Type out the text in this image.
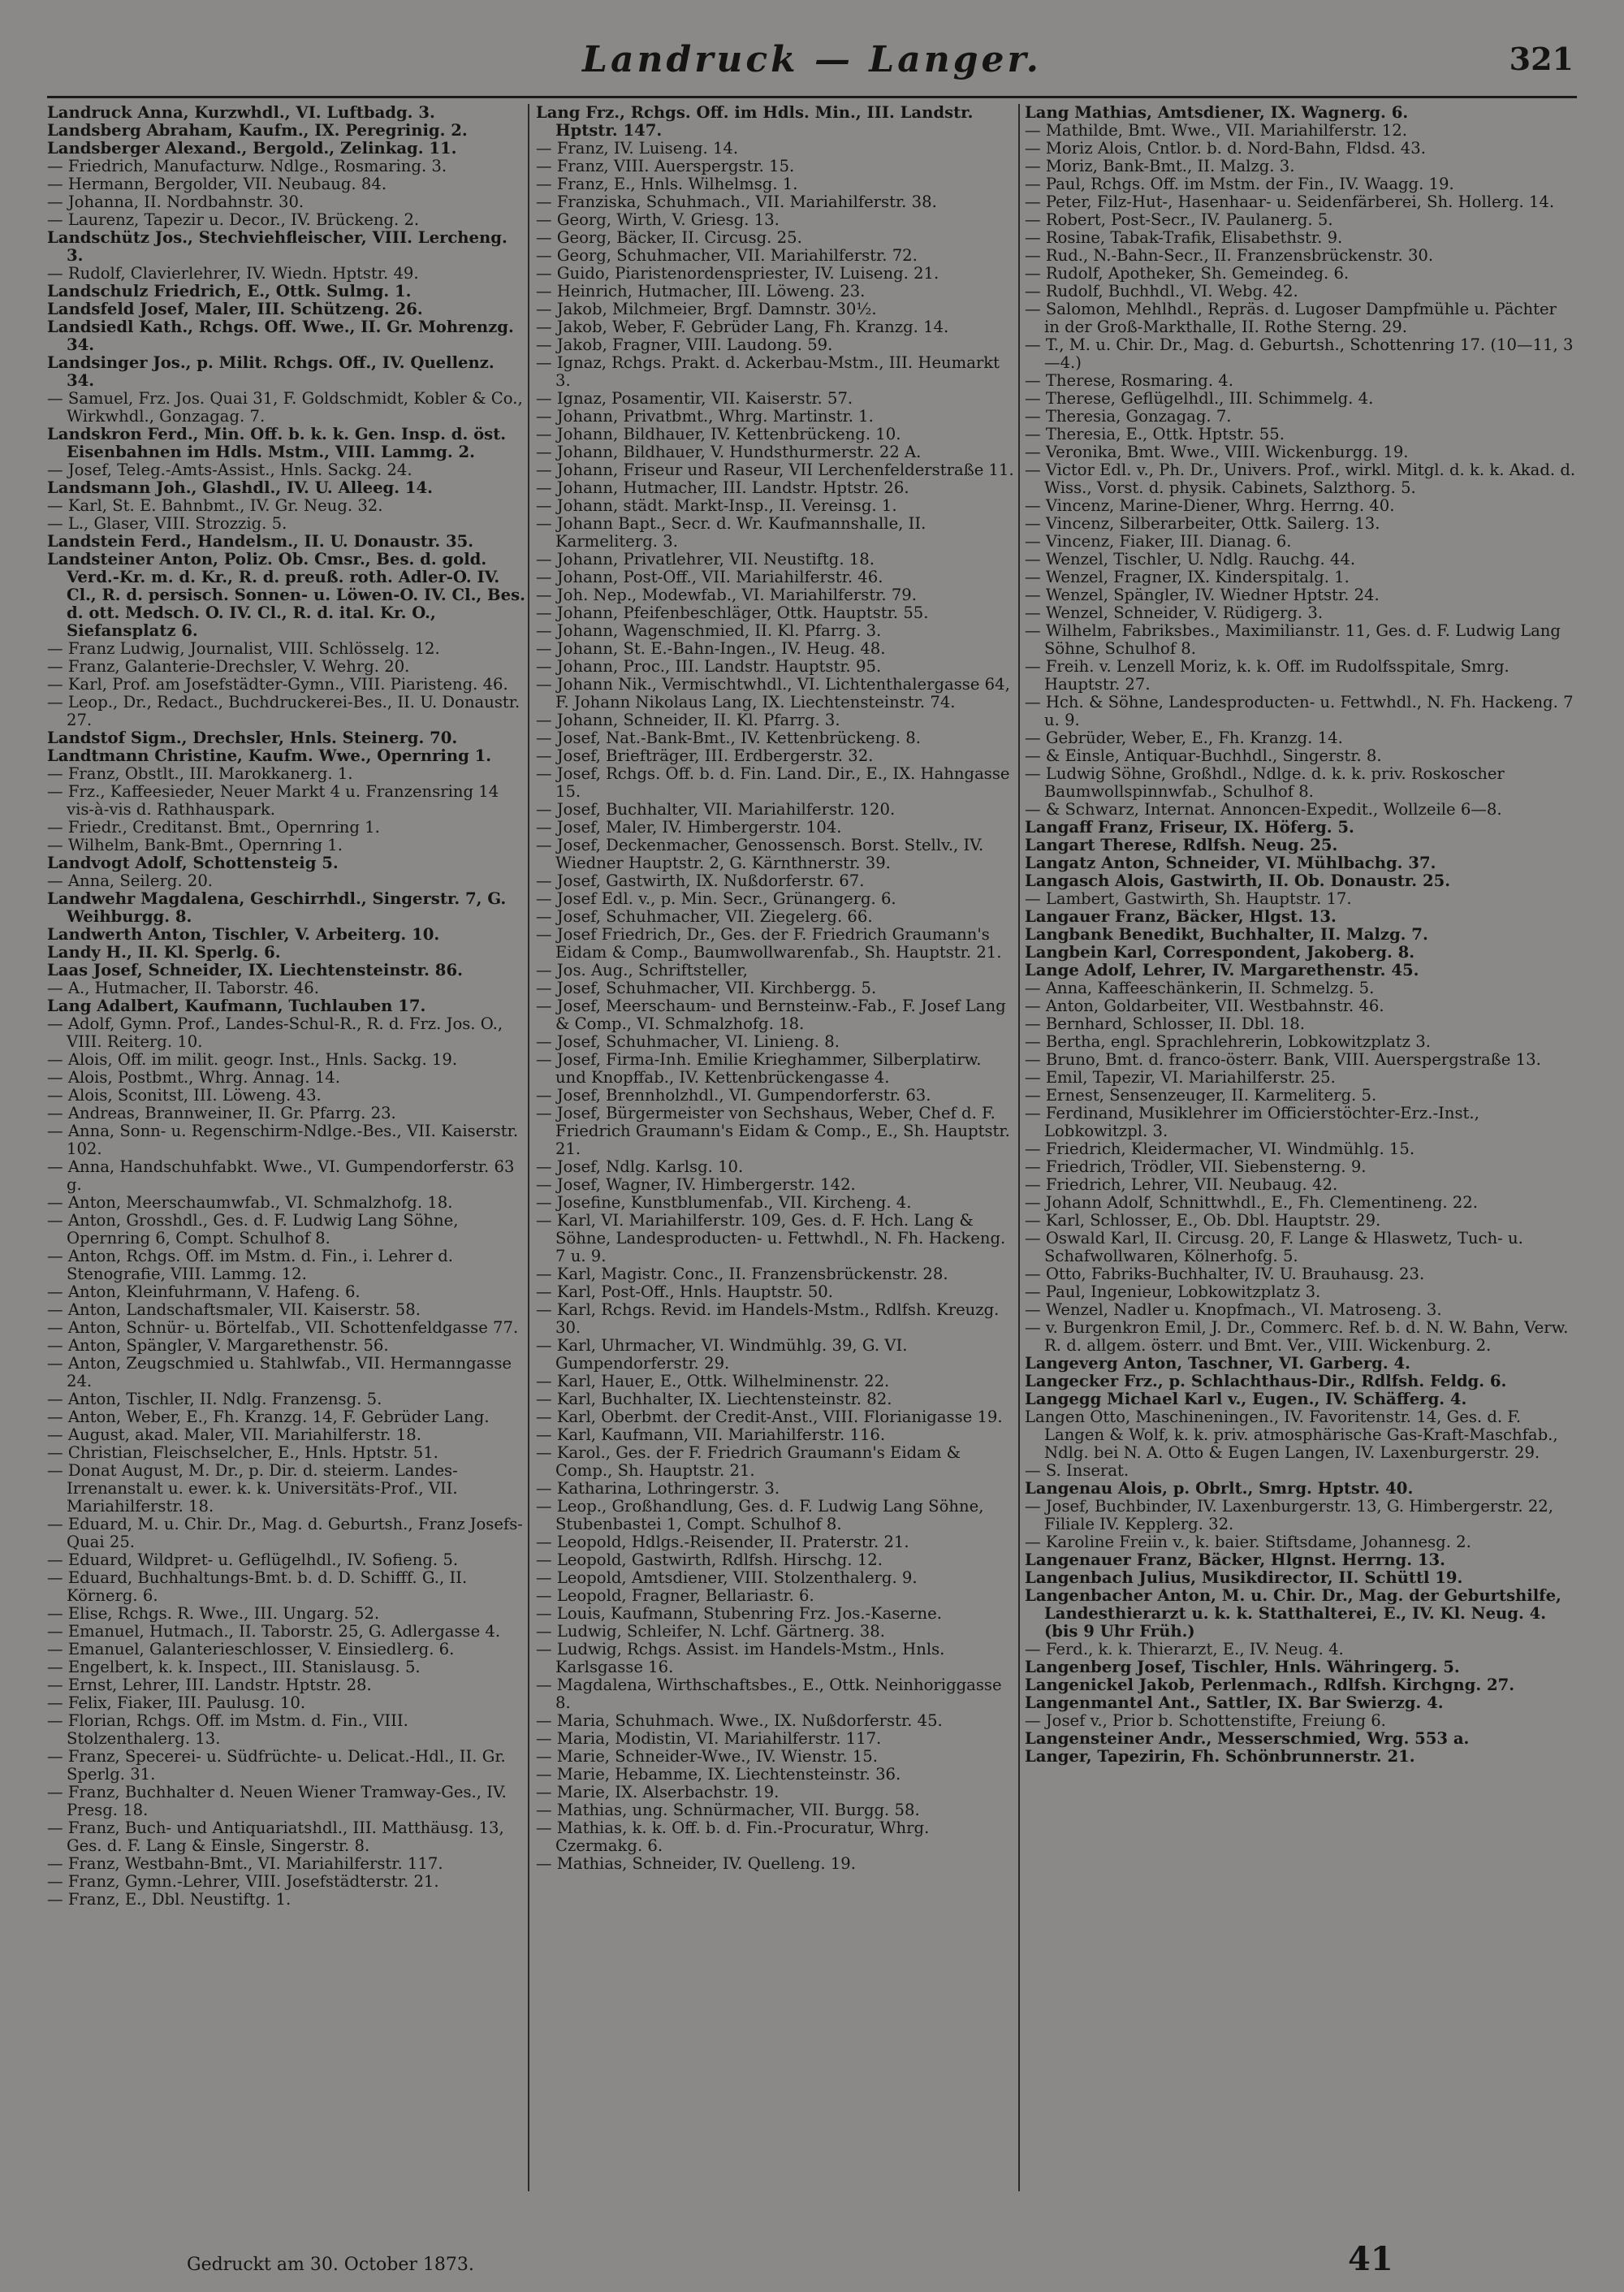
Landruck — Langer.	321

Landruck Anna, Kurzwhdl., VI. Luftbadg. 3.

Landsberg Abraham, Kaufm., IX. Peregrinig. 2.

Landsberger Alexand., Bergold., Zelinkag. 11.

— Friedrich, Manufacturw. Ndlge., Rosmaring. 3.

— Hermann, Bergolder, VII. Neubaug. 84.

— Johanna, II. Nordbahnstr. 30.

— Laurenz, Tapezir u. Decor., IV. Brückeng. 2.

Landschütz Jos., Stechviehfleischer, VIII. Lercheng. 3.

— Rudolf, Clavierlehrer, IV. Wiedn. Hptstr. 49.

Landschulz Friedrich, E., Ottk. Sulmg. 1.

Landsfeld Josef, Maler, III. Schützeng. 26.

Landsiedl Kath., Rchgs. Off. Wwe., II. Gr. Mohrenzg. 34.

Landsinger Jos., p. Milit. Rchgs. Off., IV. Quellenz. 34.

— Samuel, Frz. Jos. Quai 31, F. Goldschmidt, Kobler & Co., Wirkwhdl., Gonzagag. 7.

Landskron Ferd., Min. Off. b. k. k. Gen. Insp. d. öst. Eisenbahnen im Hdls. Mstm., VIII. Lammg. 2.

— Josef, Teleg.-Amts-Assist., Hnls. Sackg. 24.

Landsmann Joh., Glashdl., IV. U. Alleeg. 14.

— Karl, St. E. Bahnbmt., IV. Gr. Neug. 32.

— L., Glaser, VIII. Strozzig. 5.

Landstein Ferd., Handelsm., II. U. Donaustr. 35.

Landsteiner Anton, Poliz. Ob. Cmsr., Bes. d. gold. Verd.-Kr. m. d. Kr., R. d. preuß. roth. Adler-O. IV. Cl., R. d. persisch. Sonnen- u. Löwen-O. IV. Cl., Bes. d. ott. Medsch. O. IV. Cl., R. d. ital. Kr. O., Siefansplatz 6.

— Franz Ludwig, Journalist, VIII. Schlösselg. 12.

— Franz, Galanterie-Drechsler, V. Wehrg. 20.

— Karl, Prof. am Josefstädter-Gymn., VIII. Piaristeng. 46.

— Leop., Dr., Redact., Buchdruckerei-Bes., II. U. Donaustr. 27.

Landstof Sigm., Drechsler, Hnls. Steinerg. 70.

Landtmann Christine, Kaufm. Wwe., Opernring 1.

— Franz, Obstlt., III. Marokkanerg. 1.

— Frz., Kaffeesieder, Neuer Markt 4 u. Franzensring 14 vis-à-vis d. Rathhauspark.

— Friedr., Creditanst. Bmt., Opernring 1.

— Wilhelm, Bank-Bmt., Opernring 1.

Landvogt Adolf, Schottensteig 5.

— Anna, Seilerg. 20.

Landwehr Magdalena, Geschirrhdl., Singerstr. 7, G. Weihburgg. 8.

Landwerth Anton, Tischler, V. Arbeiterg. 10.

Landy H., II. Kl. Sperlg. 6.

Laas Josef, Schneider, IX. Liechtensteinstr. 86.

— A., Hutmacher, II. Taborstr. 46.

Lang Adalbert, Kaufmann, Tuchlauben 17.

— Adolf, Gymn. Prof., Landes-Schul-R., R. d. Frz. Jos. O., VIII. Reiterg. 10.

— Alois, Off. im milit. geogr. Inst., Hnls. Sackg. 19.

— Alois, Postbmt., Whrg. Annag. 14.

— Alois, Sconitst, III. Löweng. 43.

— Andreas, Brannweiner, II. Gr. Pfarrg. 23.

— Anna, Sonn- u. Regenschirm-Ndlge.-Bes., VII. Kaiserstr. 102.

— Anna, Handschuhfabkt. Wwe., VI. Gumpendorferstr. 63 g.

— Anton, Meerschaumwfab., VI. Schmalzhofg. 18.

— Anton, Grosshdl., Ges. d. F. Ludwig Lang Söhne, Opernring 6, Compt. Schulhof 8.

— Anton, Rchgs. Off. im Mstm. d. Fin., i. Lehrer d. Stenografie, VIII. Lammg. 12.

— Anton, Kleinfuhrmann, V. Hafeng. 6.

— Anton, Landschaftsmaler, VII. Kaiserstr. 58.

— Anton, Schnür- u. Börtelfab., VII. Schottenfeldgasse 77.

— Anton, Spängler, V. Margarethenstr. 56.

— Anton, Zeugschmied u. Stahlwfab., VII. Hermanngasse 24.

— Anton, Tischler, II. Ndlg. Franzensg. 5.

— Anton, Weber, E., Fh. Kranzg. 14, F. Gebrüder Lang.

— August, akad. Maler, VII. Mariahilferstr. 18.

— Christian, Fleischselcher, E., Hnls. Hptstr. 51.

— Donat August, M. Dr., p. Dir. d. steierm. Landes-Irrenanstalt u. ewer. k. k. Universitäts-Prof., VII. Mariahilferstr. 18.

— Eduard, M. u. Chir. Dr., Mag. d. Geburtsh., Franz Josefs-Quai 25.

— Eduard, Wildpret- u. Geflügelhdl., IV. Sofieng. 5.

— Eduard, Buchhaltungs-Bmt. b. d. D. Schifff. G., II. Körnerg. 6.

— Elise, Rchgs. R. Wwe., III. Ungarg. 52.

— Emanuel, Hutmach., II. Taborstr. 25, G. Adlergasse 4.

— Emanuel, Galanterieschlosser, V. Einsiedlerg. 6.

— Engelbert, k. k. Inspect., III. Stanislausg. 5.

— Ernst, Lehrer, III. Landstr. Hptstr. 28.

— Felix, Fiaker, III. Paulusg. 10.

— Florian, Rchgs. Off. im Mstm. d. Fin., VIII. Stolzenthalerg. 13.

— Franz, Specerei- u. Südfrüchte- u. Delicat.-Hdl., II. Gr. Sperlg. 31.

— Franz, Buchhalter d. Neuen Wiener Tramway-Ges., IV. Presg. 18.

— Franz, Buch- und Antiquariatshdl., III. Matthäusg. 13, Ges. d. F. Lang & Einsle, Singerstr. 8.

— Franz, Westbahn-Bmt., VI. Mariahilferstr. 117.

— Franz, Gymn.-Lehrer, VIII. Josefstädterstr. 21.

— Franz, E., Dbl. Neustiftg. 1.

Lang Frz., Rchgs. Off. im Hdls. Min., III. Landstr. Hptstr. 147.

— Franz, IV. Luiseng. 14.

— Franz, VIII. Auerspergstr. 15.

— Franz, E., Hnls. Wilhelmsg. 1.

— Franziska, Schuhmach., VII. Mariahilferstr. 38.

— Georg, Wirth, V. Griesg. 13.

— Georg, Bäcker, II. Circusg. 25.

— Georg, Schuhmacher, VII. Mariahilferstr. 72.

— Guido, Piaristenordenspriester, IV. Luiseng. 21.

— Heinrich, Hutmacher, III. Löweng. 23.

— Jakob, Milchmeier, Brgf. Damnstr. 30½.

— Jakob, Weber, F. Gebrüder Lang, Fh. Kranzg. 14.

— Jakob, Fragner, VIII. Laudong. 59.

— Ignaz, Rchgs. Prakt. d. Ackerbau-Mstm., III. Heumarkt 3.

— Ignaz, Posamentir, VII. Kaiserstr. 57.

— Johann, Privatbmt., Whrg. Martinstr. 1.

— Johann, Bildhauer, IV. Kettenbrückeng. 10.

— Johann, Bildhauer, V. Hundsthurmerstr. 22 A.

— Johann, Friseur und Raseur, VII Lerchenfelderstraße 11.

— Johann, Hutmacher, III. Landstr. Hptstr. 26.

— Johann, städt. Markt-Insp., II. Vereinsg. 1.

— Johann Bapt., Secr. d. Wr. Kaufmannshalle, II. Karmeliterg. 3.

— Johann, Privatlehrer, VII. Neustiftg. 18.

— Johann, Post-Off., VII. Mariahilferstr. 46.

— Joh. Nep., Modewfab., VI. Mariahilferstr. 79.

— Johann, Pfeifenbeschläger, Ottk. Hauptstr. 55.

— Johann, Wagenschmied, II. Kl. Pfarrg. 3.

— Johann, St. E.-Bahn-Ingen., IV. Heug. 48.

— Johann, Proc., III. Landstr. Hauptstr. 95.

— Johann Nik., Vermischtwhdl., VI. Lichtenthalergasse 64, F. Johann Nikolaus Lang, IX. Liechtensteinstr. 74.

— Johann, Schneider, II. Kl. Pfarrg. 3.

— Josef, Nat.-Bank-Bmt., IV. Kettenbrückeng. 8.

— Josef, Briefträger, III. Erdbergerstr. 32.

— Josef, Rchgs. Off. b. d. Fin. Land. Dir., E., IX. Hahngasse 15.

— Josef, Buchhalter, VII. Mariahilferstr. 120.

— Josef, Maler, IV. Himbergerstr. 104.

— Josef, Deckenmacher, Genossensch. Borst. Stellv., IV. Wiedner Hauptstr. 2, G. Kärnthnerstr. 39.

— Josef, Gastwirth, IX. Nußdorferstr. 67.

— Josef Edl. v., p. Min. Secr., Grünangerg. 6.

— Josef, Schuhmacher, VII. Ziegelerg. 66.

— Josef Friedrich, Dr., Ges. der F. Friedrich Graumann's Eidam & Comp., Baumwollwarenfab., Sh. Hauptstr. 21.

— Jos. Aug., Schriftsteller,

— Josef, Schuhmacher, VII. Kirchbergg. 5.

— Josef, Meerschaum- und Bernsteinw.-Fab., F. Josef Lang & Comp., VI. Schmalzhofg. 18.

— Josef, Schuhmacher, VI. Linieng. 8.

— Josef, Firma-Inh. Emilie Krieghammer, Silberplatirw. und Knopffab., IV. Kettenbrückengasse 4.

— Josef, Brennholzhdl., VI. Gumpendorferstr. 63.

— Josef, Bürgermeister von Sechshaus, Weber, Chef d. F. Friedrich Graumann's Eidam & Comp., E., Sh. Hauptstr. 21.

— Josef, Ndlg. Karlsg. 10.

— Josef, Wagner, IV. Himbergerstr. 142.

— Josefine, Kunstblumenfab., VII. Kircheng. 4.

— Karl, VI. Mariahilferstr. 109, Ges. d. F. Hch. Lang & Söhne, Landesproducten- u. Fettwhdl., N. Fh. Hackeng. 7 u. 9.

— Karl, Magistr. Conc., II. Franzensbrückenstr. 28.

— Karl, Post-Off., Hnls. Hauptstr. 50.

— Karl, Rchgs. Revid. im Handels-Mstm., Rdlfsh. Kreuzg. 30.

— Karl, Uhrmacher, VI. Windmühlg. 39, G. VI. Gumpendorferstr. 29.

— Karl, Hauer, E., Ottk. Wilhelminenstr. 22.

— Karl, Buchhalter, IX. Liechtensteinstr. 82.

— Karl, Oberbmt. der Credit-Anst., VIII. Florianigasse 19.

— Karl, Kaufmann, VII. Mariahilferstr. 116.

— Karol., Ges. der F. Friedrich Graumann's Eidam & Comp., Sh. Hauptstr. 21.

— Katharina, Lothringerstr. 3.

— Leop., Großhandlung, Ges. d. F. Ludwig Lang Söhne, Stubenbastei 1, Compt. Schulhof 8.

— Leopold, Hdlgs.-Reisender, II. Praterstr. 21.

— Leopold, Gastwirth, Rdlfsh. Hirschg. 12.

— Leopold, Amtsdiener, VIII. Stolzenthalerg. 9.

— Leopold, Fragner, Bellariastr. 6.

— Louis, Kaufmann, Stubenring Frz. Jos.-Kaserne.

— Ludwig, Schleifer, N. Lchf. Gärtnerg. 38.

— Ludwig, Rchgs. Assist. im Handels-Mstm., Hnls. Karlsgasse 16.

— Magdalena, Wirthschaftsbes., E., Ottk. Neinhoriggasse 8.

— Maria, Schuhmach. Wwe., IX. Nußdorferstr. 45.

— Maria, Modistin, VI. Mariahilferstr. 117.

— Marie, Schneider-Wwe., IV. Wienstr. 15.

— Marie, Hebamme, IX. Liechtensteinstr. 36.

— Marie, IX. Alserbachstr. 19.

— Mathias, ung. Schnürmacher, VII. Burgg. 58.

— Mathias, k. k. Off. b. d. Fin.-Procuratur, Whrg. Czermakg. 6.

— Mathias, Schneider, IV. Quelleng. 19.

Lang Mathias, Amtsdiener, IX. Wagnerg. 6.

— Mathilde, Bmt. Wwe., VII. Mariahilferstr. 12.

— Moriz Alois, Cntlor. b. d. Nord-Bahn, Fldsd. 43.

— Moriz, Bank-Bmt., II. Malzg. 3.

— Paul, Rchgs. Off. im Mstm. der Fin., IV. Waagg. 19.

— Peter, Filz-Hut-, Hasenhaar- u. Seidenfärberei, Sh. Hollerg. 14.

— Robert, Post-Secr., IV. Paulanerg. 5.

— Rosine, Tabak-Trafik, Elisabethstr. 9.

— Rud., N.-Bahn-Secr., II. Franzensbrückenstr. 30.

— Rudolf, Apotheker, Sh. Gemeindeg. 6.

— Rudolf, Buchhdl., VI. Webg. 42.

— Salomon, Mehlhdl., Repräs. d. Lugoser Dampfmühle u. Pächter in der Groß-Markthalle, II. Rothe Sterng. 29.

— T., M. u. Chir. Dr., Mag. d. Geburtsh., Schottenring 17. (10—11, 3—4.)

— Therese, Rosmaring. 4.

— Therese, Geflügelhdl., III. Schimmelg. 4.

— Theresia, Gonzagag. 7.

— Theresia, E., Ottk. Hptstr. 55.

— Veronika, Bmt. Wwe., VIII. Wickenburgg. 19.

— Victor Edl. v., Ph. Dr., Univers. Prof., wirkl. Mitgl. d. k. k. Akad. d. Wiss., Vorst. d. physik. Cabinets, Salzthorg. 5.

— Vincenz, Marine-Diener, Whrg. Herrng. 40.

— Vincenz, Silberarbeiter, Ottk. Sailerg. 13.

— Vincenz, Fiaker, III. Dianag. 6.

— Wenzel, Tischler, U. Ndlg. Rauchg. 44.

— Wenzel, Fragner, IX. Kinderspitalg. 1.

— Wenzel, Spängler, IV. Wiedner Hptstr. 24.

— Wenzel, Schneider, V. Rüdigerg. 3.

— Wilhelm, Fabriksbes., Maximilianstr. 11, Ges. d. F. Ludwig Lang Söhne, Schulhof 8.

— Freih. v. Lenzell Moriz, k. k. Off. im Rudolfsspitale, Smrg. Hauptstr. 27.

— Hch. & Söhne, Landesproducten- u. Fettwhdl., N. Fh. Hackeng. 7 u. 9.

— Gebrüder, Weber, E., Fh. Kranzg. 14.

— & Einsle, Antiquar-Buchhdl., Singerstr. 8.

— Ludwig Söhne, Großhdl., Ndlge. d. k. k. priv. Roskoscher Baumwollspinnwfab., Schulhof 8.

— & Schwarz, Internat. Annoncen-Expedit., Wollzeile 6—8.

Langaff Franz, Friseur, IX. Höferg. 5.

Langart Therese, Rdlfsh. Neug. 25.

Langatz Anton, Schneider, VI. Mühlbachg. 37.

Langasch Alois, Gastwirth, II. Ob. Donaustr. 25.

— Lambert, Gastwirth, Sh. Hauptstr. 17.

Langauer Franz, Bäcker, Hlgst. 13.

Langbank Benedikt, Buchhalter, II. Malzg. 7.

Langbein Karl, Correspondent, Jakoberg. 8.

Lange Adolf, Lehrer, IV. Margarethenstr. 45.

— Anna, Kaffeeschänkerin, II. Schmelzg. 5.

— Anton, Goldarbeiter, VII. Westbahnstr. 46.

— Bernhard, Schlosser, II. Dbl. 18.

— Bertha, engl. Sprachlehrerin, Lobkowitzplatz 3.

— Bruno, Bmt. d. franco-österr. Bank, VIII. Auerspergstraße 13.

— Emil, Tapezir, VI. Mariahilferstr. 25.

— Ernest, Sensenzeuger, II. Karmeliterg. 5.

— Ferdinand, Musiklehrer im Officierstöchter-Erz.-Inst., Lobkowitzpl. 3.

— Friedrich, Kleidermacher, VI. Windmühlg. 15.

— Friedrich, Trödler, VII. Siebensterng. 9.

— Friedrich, Lehrer, VII. Neubaug. 42.

— Johann Adolf, Schnittwhdl., E., Fh. Clementineng. 22.

— Karl, Schlosser, E., Ob. Dbl. Hauptstr. 29.

— Oswald Karl, II. Circusg. 20, F. Lange & Hlaswetz, Tuch- u. Schafwollwaren, Kölnerhofg. 5.

— Otto, Fabriks-Buchhalter, IV. U. Brauhausg. 23.

— Paul, Ingenieur, Lobkowitzplatz 3.

— Wenzel, Nadler u. Knopfmach., VI. Matroseng. 3.

— v. Burgenkron Emil, J. Dr., Commerc. Ref. b. d. N. W. Bahn, Verw. R. d. allgem. österr. und Bmt. Ver., VIII. Wickenburg. 2.

Langeverg Anton, Taschner, VI. Garberg. 4.

Langecker Frz., p. Schlachthaus-Dir., Rdlfsh. Feldg. 6.

Langegg Michael Karl v., Eugen., IV. Schäfferg. 4.

Langen Otto, Maschineningen., IV. Favoritenstr. 14, Ges. d. F. Langen & Wolf, k. k. priv. atmosphärische Gas-Kraft-Maschfab., Ndlg. bei N. A. Otto & Eugen Langen, IV. Laxenburgerstr. 29.

— S. Inserat.

Langenau Alois, p. Obrlt., Smrg. Hptstr. 40.

— Josef, Buchbinder, IV. Laxenburgerstr. 13, G. Himbergerstr. 22, Filiale IV. Kepplerg. 32.

— Karoline Freiin v., k. baier. Stiftsdame, Johannesg. 2.

Langenauer Franz, Bäcker, Hlgnst. Herrng. 13.

Langenbach Julius, Musikdirector, II. Schüttl 19.

Langenbacher Anton, M. u. Chir. Dr., Mag. der Geburtshilfe, Landesthierarzt u. k. k. Statthalterei, E., IV. Kl. Neug. 4. (bis 9 Uhr Früh.)

— Ferd., k. k. Thierarzt, E., IV. Neug. 4.

Langenberg Josef, Tischler, Hnls. Währingerg. 5.

Langenickel Jakob, Perlenmach., Rdlfsh. Kirchgng. 27.

Langenmantel Ant., Sattler, IX. Bar Swierzg. 4.

— Josef v., Prior b. Schottenstifte, Freiung 6.

Langensteiner Andr., Messerschmied, Wrg. 553 a.

Langer, Tapezirin, Fh. Schönbrunnerstr. 21.

Gedruckt am 30. October 1873.	41
